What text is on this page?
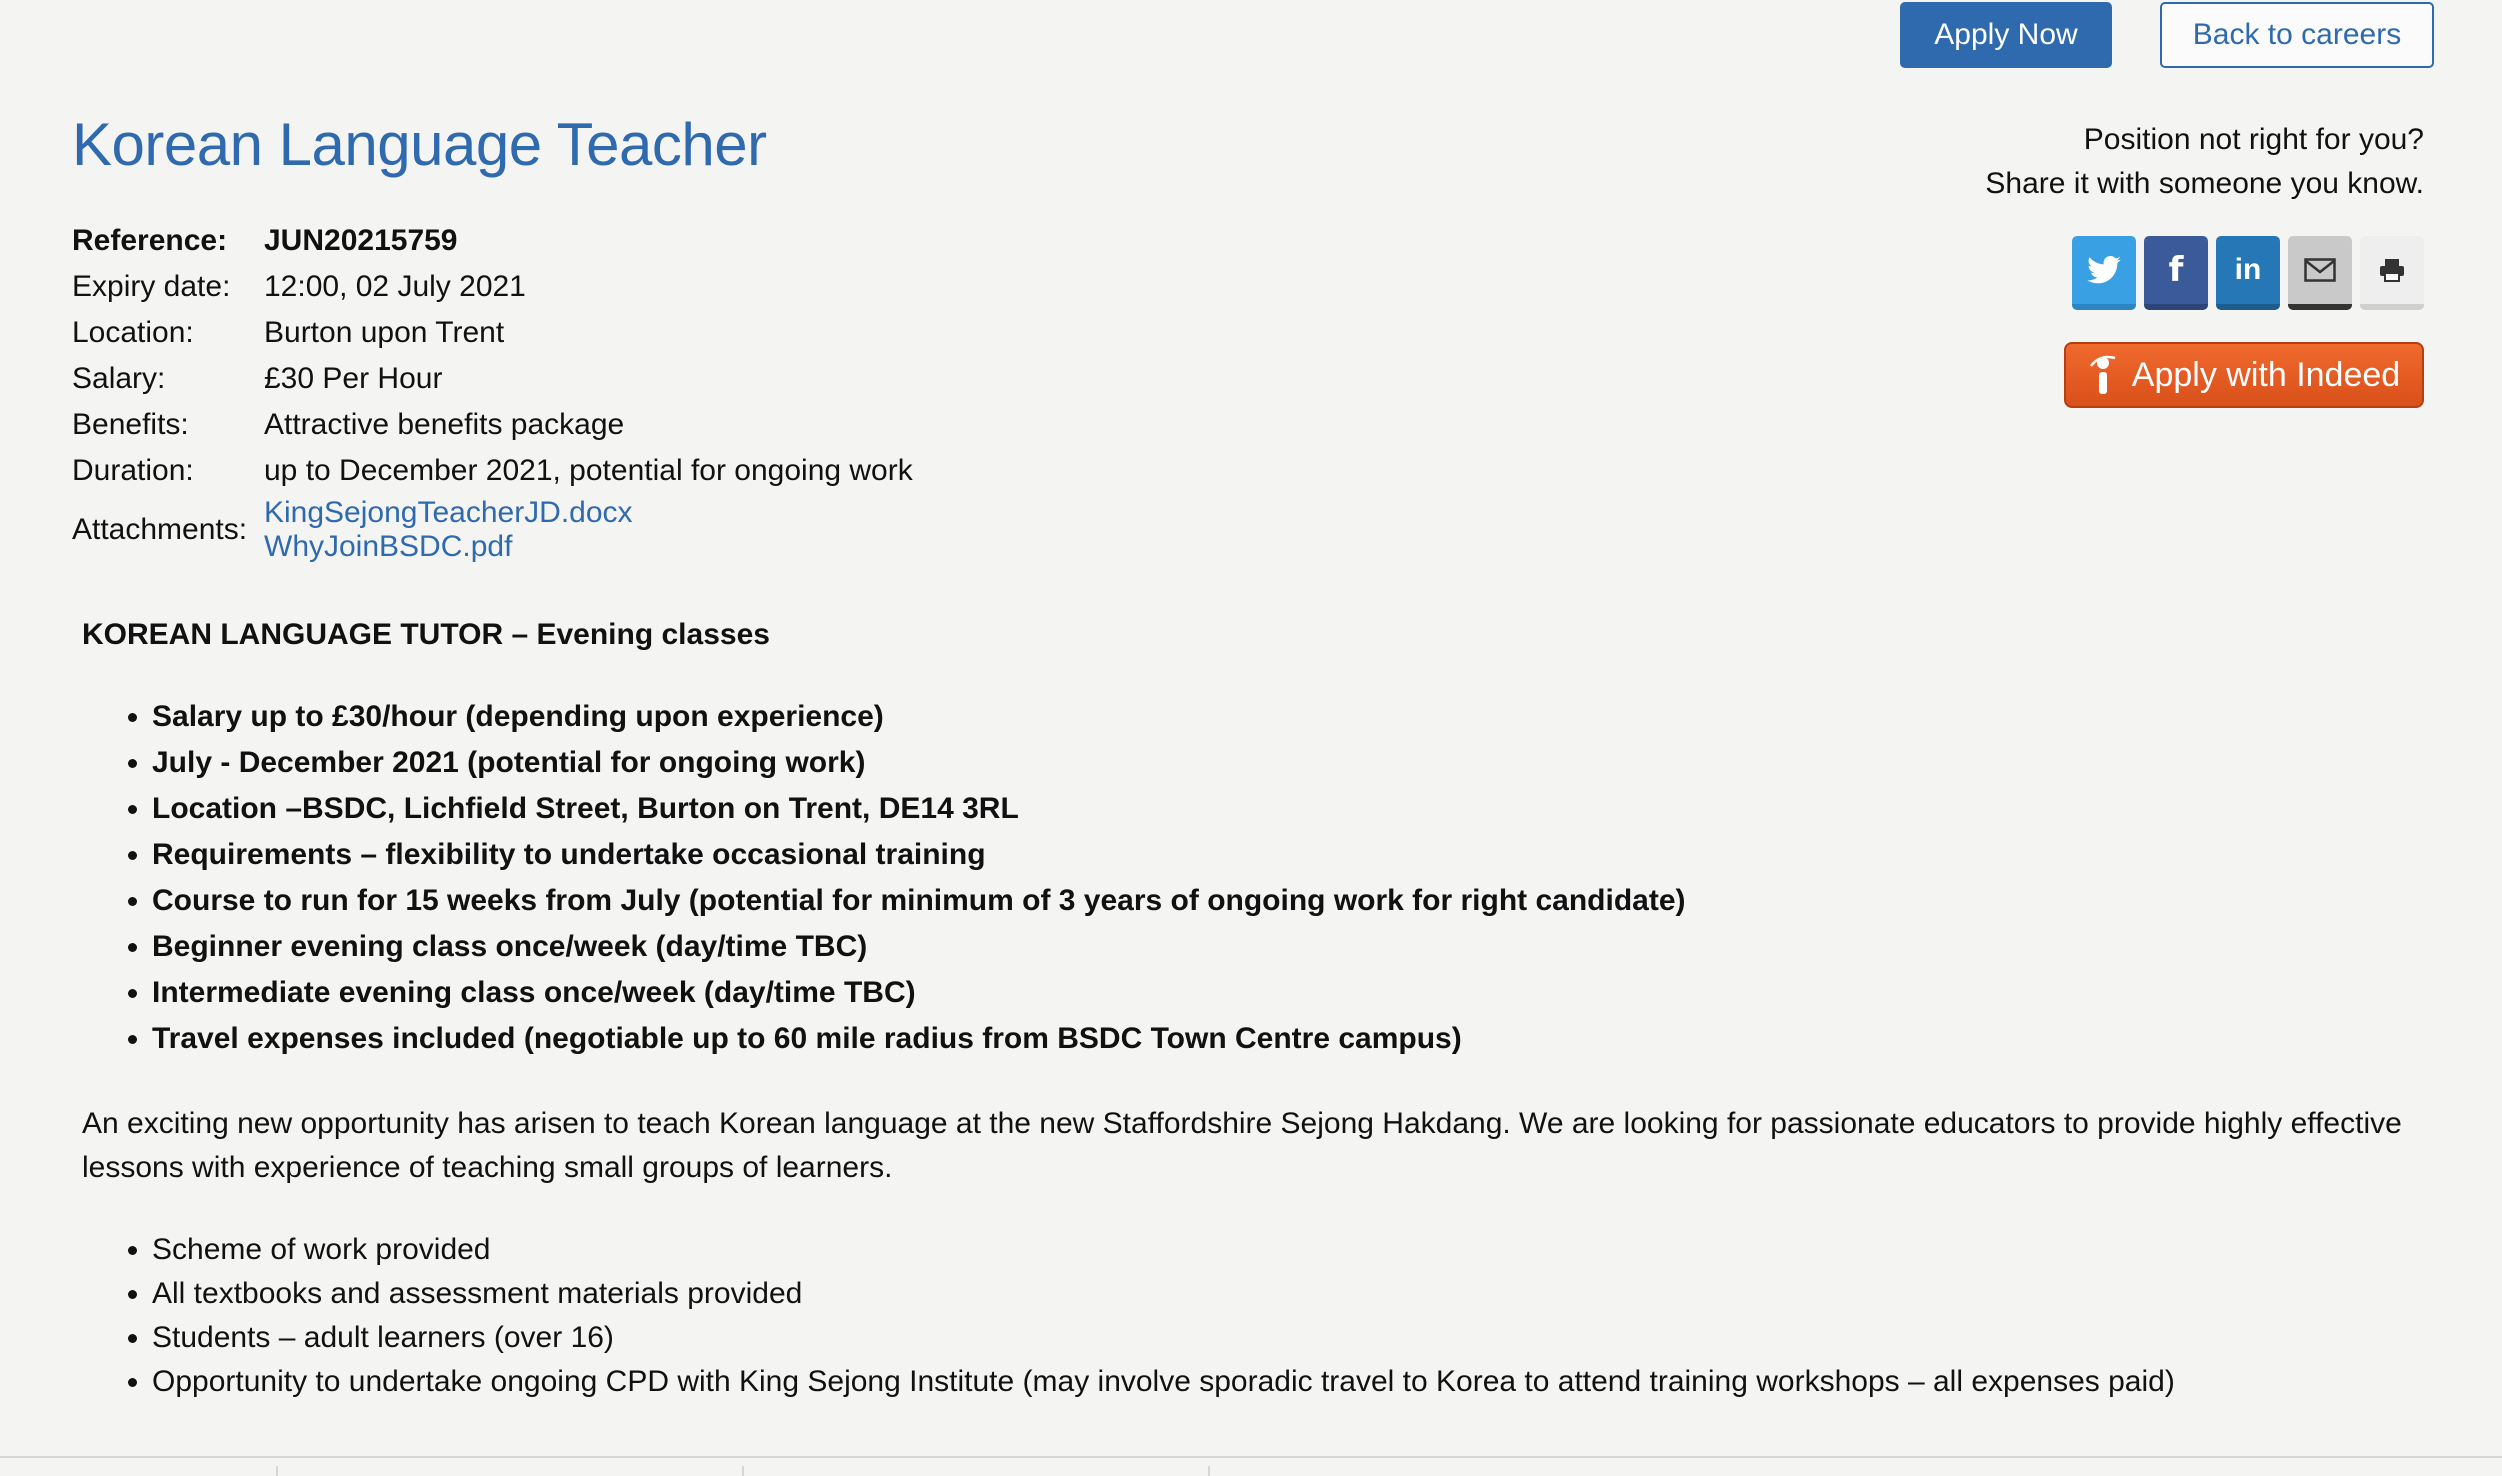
Apply Now	Back to careers
Korean Language Teacher
Reference:	JUN20215759
Expiry date:	12:00, 02 July 2021
Location:	Burton upon Trent
Salary:	£30 Per Hour
Benefits:	Attractive benefits package
Duration:	up to December 2021, potential for ongoing work
Attachments:
KingSejongTeacherJD.docx
WhyJoinBSDC.pdf
Position not right for you?
Share it with someone you know.
f in
Apply with Indeed

KOREAN LANGUAGE TUTOR – Evening classes

• Salary up to £30/hour (depending upon experience)
• July - December 2021 (potential for ongoing work)
• Location –BSDC, Lichfield Street, Burton on Trent, DE14 3RL
• Requirements – flexibility to undertake occasional training
• Course to run for 15 weeks from July (potential for minimum of 3 years of ongoing work for right candidate)
• Beginner evening class once/week (day/time TBC)
• Intermediate evening class once/week (day/time TBC)
• Travel expenses included (negotiable up to 60 mile radius from BSDC Town Centre campus)

An exciting new opportunity has arisen to teach Korean language at the new Staffordshire Sejong Hakdang. We are looking for passionate educators to provide highly effective lessons with experience of teaching small groups of learners.

• Scheme of work provided
• All textbooks and assessment materials provided
• Students – adult learners (over 16)
• Opportunity to undertake ongoing CPD with King Sejong Institute (may involve sporadic travel to Korea to attend training workshops – all expenses paid)
